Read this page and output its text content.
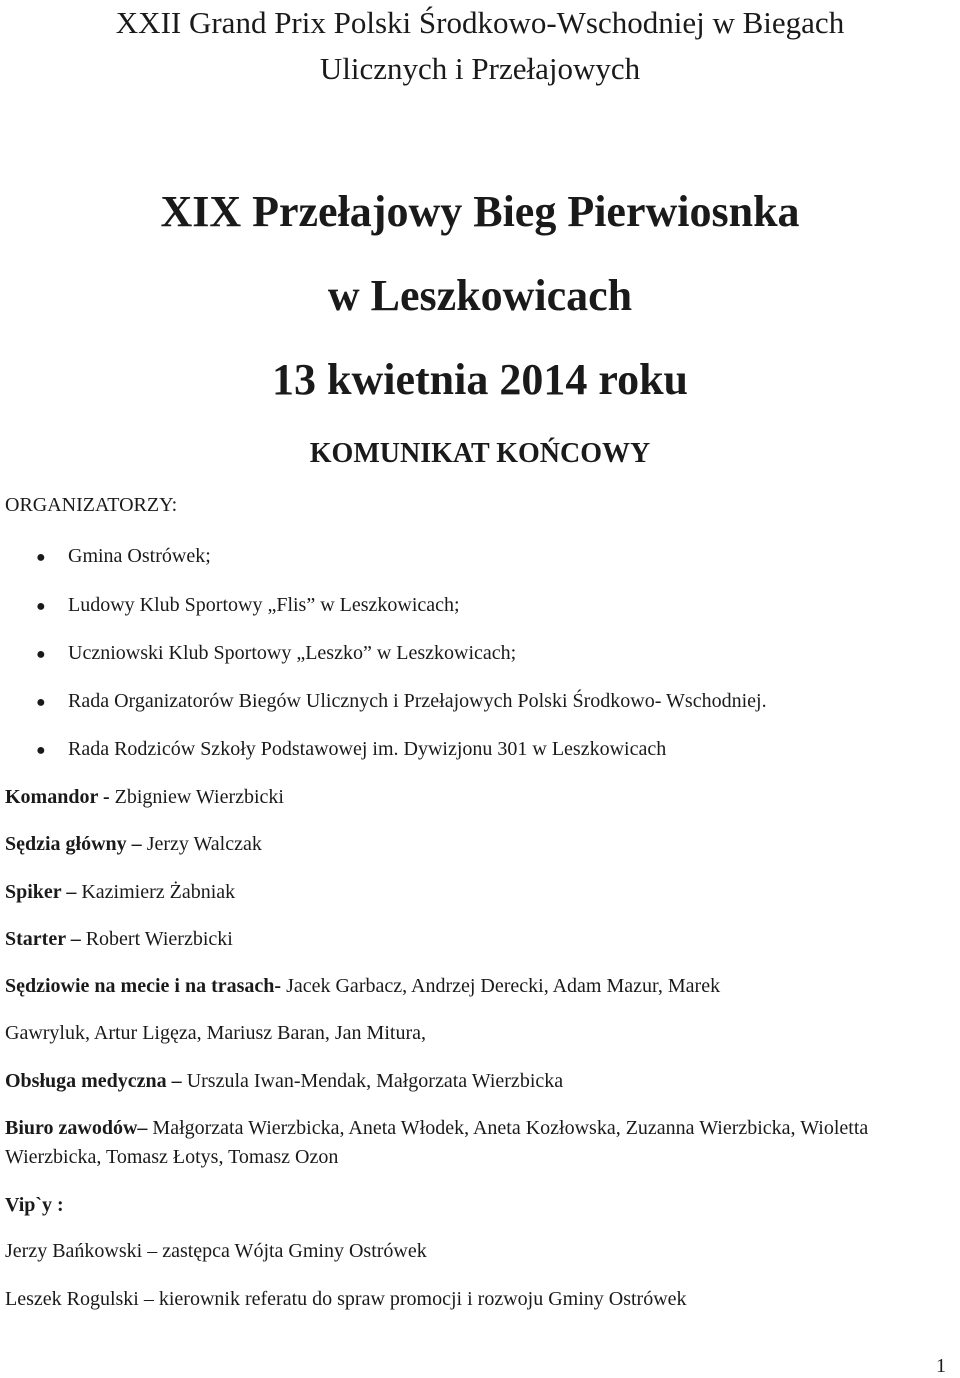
XXII Grand Prix Polski Środkowo-Wschodniej w Biegach
Ulicznych i Przełajowych
XIX Przełajowy Bieg Pierwiosnka
w Leszkowicach
13 kwietnia 2014 roku
KOMUNIKAT KOŃCOWY
ORGANIZATORZY:
● Gmina Ostrówek;
● Ludowy Klub Sportowy „Flis” w Leszkowicach;
● Uczniowski Klub Sportowy „Leszko” w Leszkowicach;
● Rada Organizatorów Biegów Ulicznych i Przełajowych Polski Środkowo- Wschodniej.
● Rada Rodziców Szkoły Podstawowej im. Dywizjonu 301 w Leszkowicach
Komandor - Zbigniew Wierzbicki
Sędzia główny – Jerzy Walczak
Spiker – Kazimierz Żabniak
Starter – Robert Wierzbicki
Sędziowie na mecie i na trasach- Jacek Garbacz, Andrzej Derecki, Adam Mazur, Marek
Gawryluk, Artur Ligęza, Mariusz Baran, Jan Mitura,
Obsługa medyczna – Urszula Iwan-Mendak, Małgorzata Wierzbicka
Biuro zawodów– Małgorzata Wierzbicka, Aneta Włodek, Aneta Kozłowska, Zuzanna Wierzbicka, Wioletta
Wierzbicka, Tomasz Łotys, Tomasz Ozon
Vip`y :
Jerzy Bańkowski – zastępca Wójta Gminy Ostrówek
Leszek Rogulski – kierownik referatu do spraw promocji i rozwoju Gminy Ostrówek
1
